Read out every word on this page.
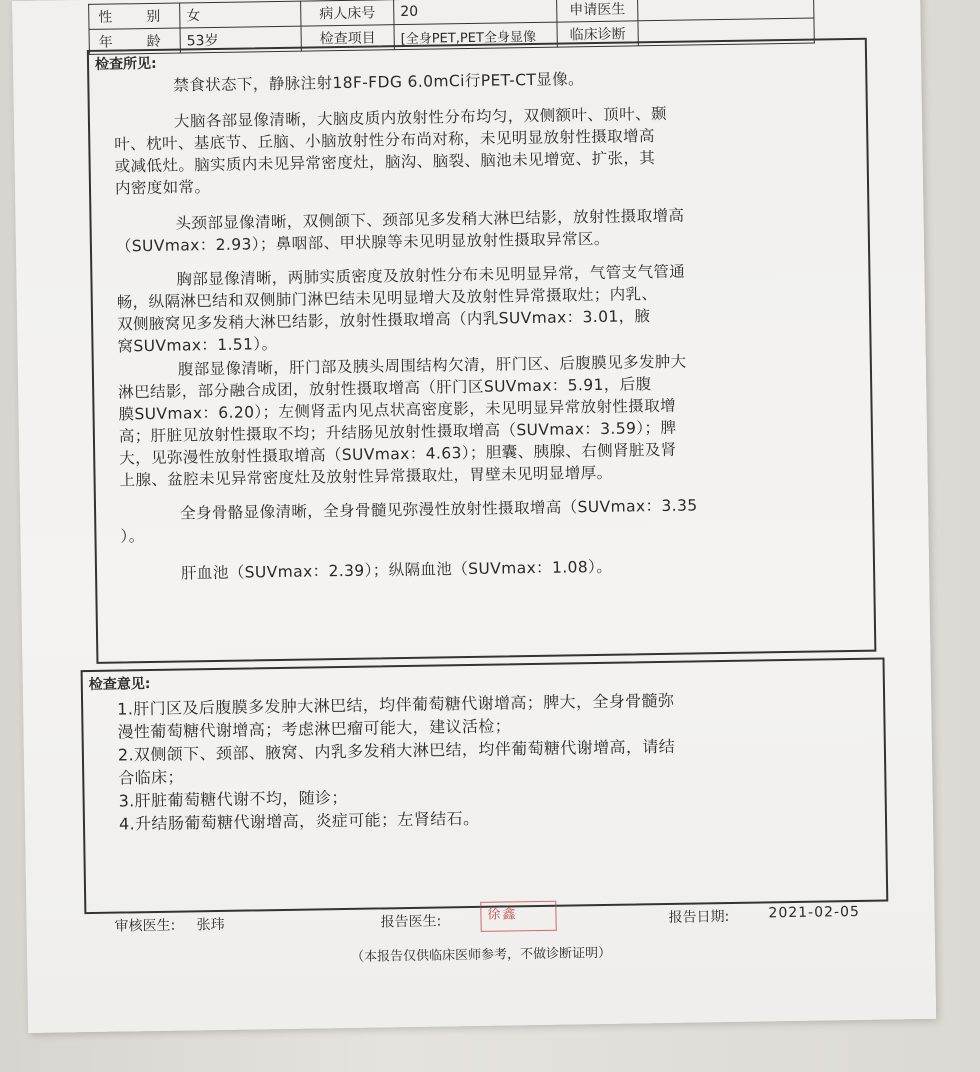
性　别	女	病人床号	20	申请医生	
年　龄	53岁	检查项目	[全身PET,PET全身显像	临床诊断	
检查所见:

禁食状态下，静脉注射18F-FDG 6.0mCi行PET-CT显像。

大脑各部显像清晰，大脑皮质内放射性分布均匀，双侧额叶、顶叶、颞

叶、枕叶、基底节、丘脑、小脑放射性分布尚对称，未见明显放射性摄取增高

或减低灶。脑实质内未见异常密度灶，脑沟、脑裂、脑池未见增宽、扩张，其

内密度如常。

头颈部显像清晰，双侧颌下、颈部见多发稍大淋巴结影，放射性摄取增高

（SUVmax：2.93）；鼻咽部、甲状腺等未见明显放射性摄取异常区。

胸部显像清晰，两肺实质密度及放射性分布未见明显异常，气管支气管通

畅，纵隔淋巴结和双侧肺门淋巴结未见明显增大及放射性异常摄取灶；内乳、

双侧腋窝见多发稍大淋巴结影，放射性摄取增高（内乳SUVmax：3.01，腋

窝SUVmax：1.51）。

腹部显像清晰，肝门部及胰头周围结构欠清，肝门区、后腹膜见多发肿大

淋巴结影，部分融合成团，放射性摄取增高（肝门区SUVmax：5.91，后腹

膜SUVmax：6.20）；左侧肾盂内见点状高密度影，未见明显异常放射性摄取增

高；肝脏见放射性摄取不均；升结肠见放射性摄取增高（SUVmax：3.59）；脾

大，见弥漫性放射性摄取增高（SUVmax：4.63）；胆囊、胰腺、右侧肾脏及肾

上腺、盆腔未见异常密度灶及放射性异常摄取灶，胃壁未见明显增厚。

全身骨骼显像清晰，全身骨髓见弥漫性放射性摄取增高（SUVmax：3.35

）。

肝血池（SUVmax：2.39）；纵隔血池（SUVmax：1.08）。

检查意见:

1.肝门区及后腹膜多发肿大淋巴结，均伴葡萄糖代谢增高；脾大，全身骨髓弥

漫性葡萄糖代谢增高；考虑淋巴瘤可能大，建议活检；

2.双侧颌下、颈部、腋窝、内乳多发稍大淋巴结，均伴葡萄糖代谢增高，请结

合临床；

3.肝脏葡萄糖代谢不均，随诊；

4.升结肠葡萄糖代谢增高，炎症可能；左肾结石。

审核医生: 张玮	报告医生:	徐鑫	报告日期:	2021-02-05
（本报告仅供临床医师参考，不做诊断证明）
